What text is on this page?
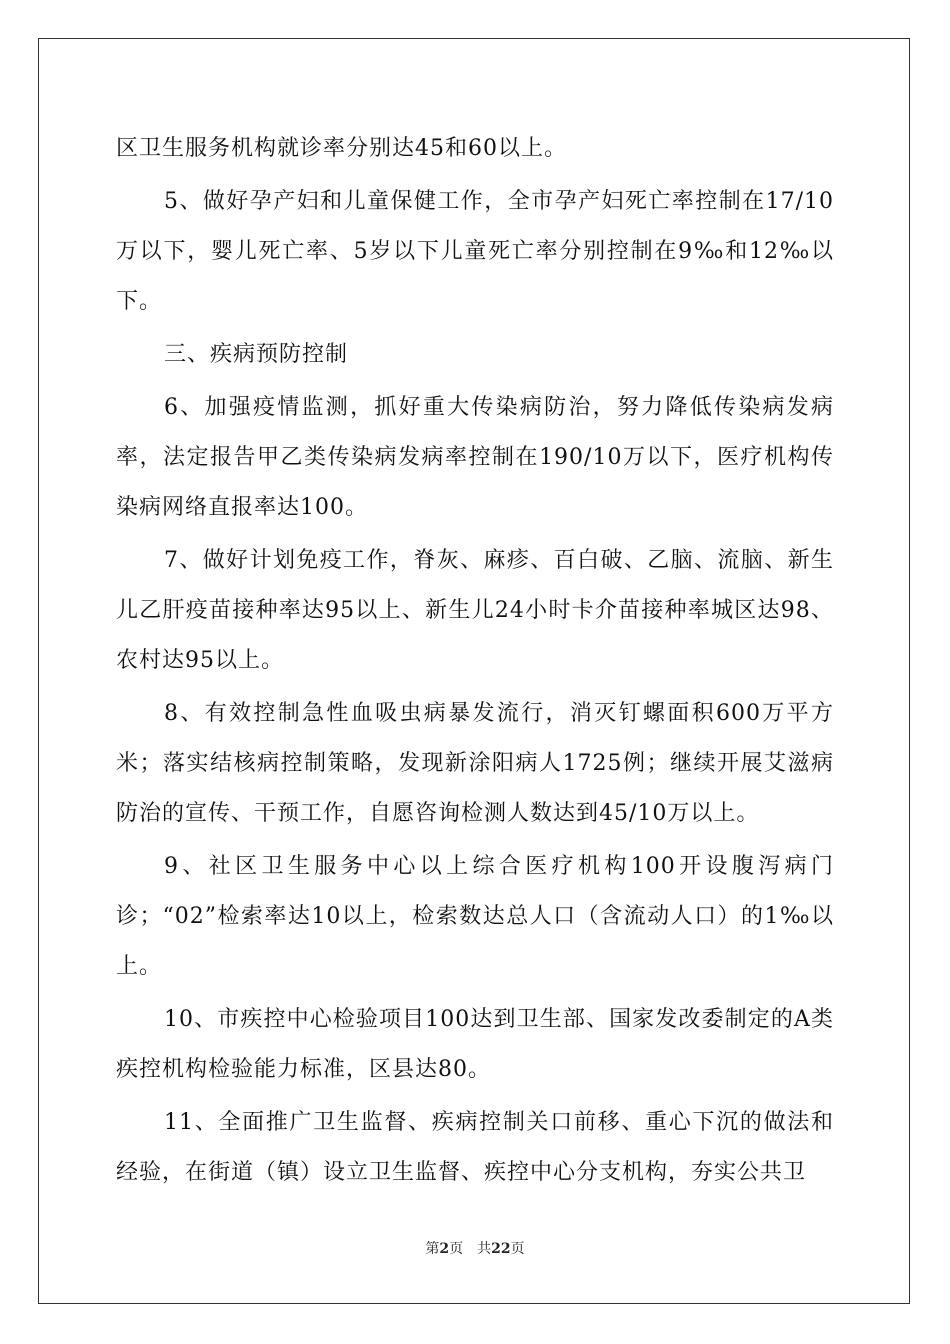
区卫生服务机构就诊率分别达45和60以上。

5、做好孕产妇和儿童保健工作，全市孕产妇死亡率控制在17/10万以下，婴儿死亡率、5岁以下儿童死亡率分别控制在9‰和12‰以下。

三、疾病预防控制

6、加强疫情监测，抓好重大传染病防治，努力降低传染病发病率，法定报告甲乙类传染病发病率控制在190/10万以下，医疗机构传染病网络直报率达100。

7、做好计划免疫工作，脊灰、麻疹、百白破、乙脑、流脑、新生儿乙肝疫苗接种率达95以上、新生儿24小时卡介苗接种率城区达98、农村达95以上。

8、有效控制急性血吸虫病暴发流行，消灭钉螺面积600万平方米；落实结核病控制策略，发现新涂阳病人1725例；继续开展艾滋病防治的宣传、干预工作，自愿咨询检测人数达到45/10万以上。

9、社区卫生服务中心以上综合医疗机构100开设腹泻病门诊；“02”检索率达10以上，检索数达总人口（含流动人口）的1‰以上。

10、市疾控中心检验项目100达到卫生部、国家发改委制定的A类疾控机构检验能力标准，区县达80。

11、全面推广卫生监督、疾病控制关口前移、重心下沉的做法和经验，在街道（镇）设立卫生监督、疾控中心分支机构，夯实公共卫

第2页 共22页
